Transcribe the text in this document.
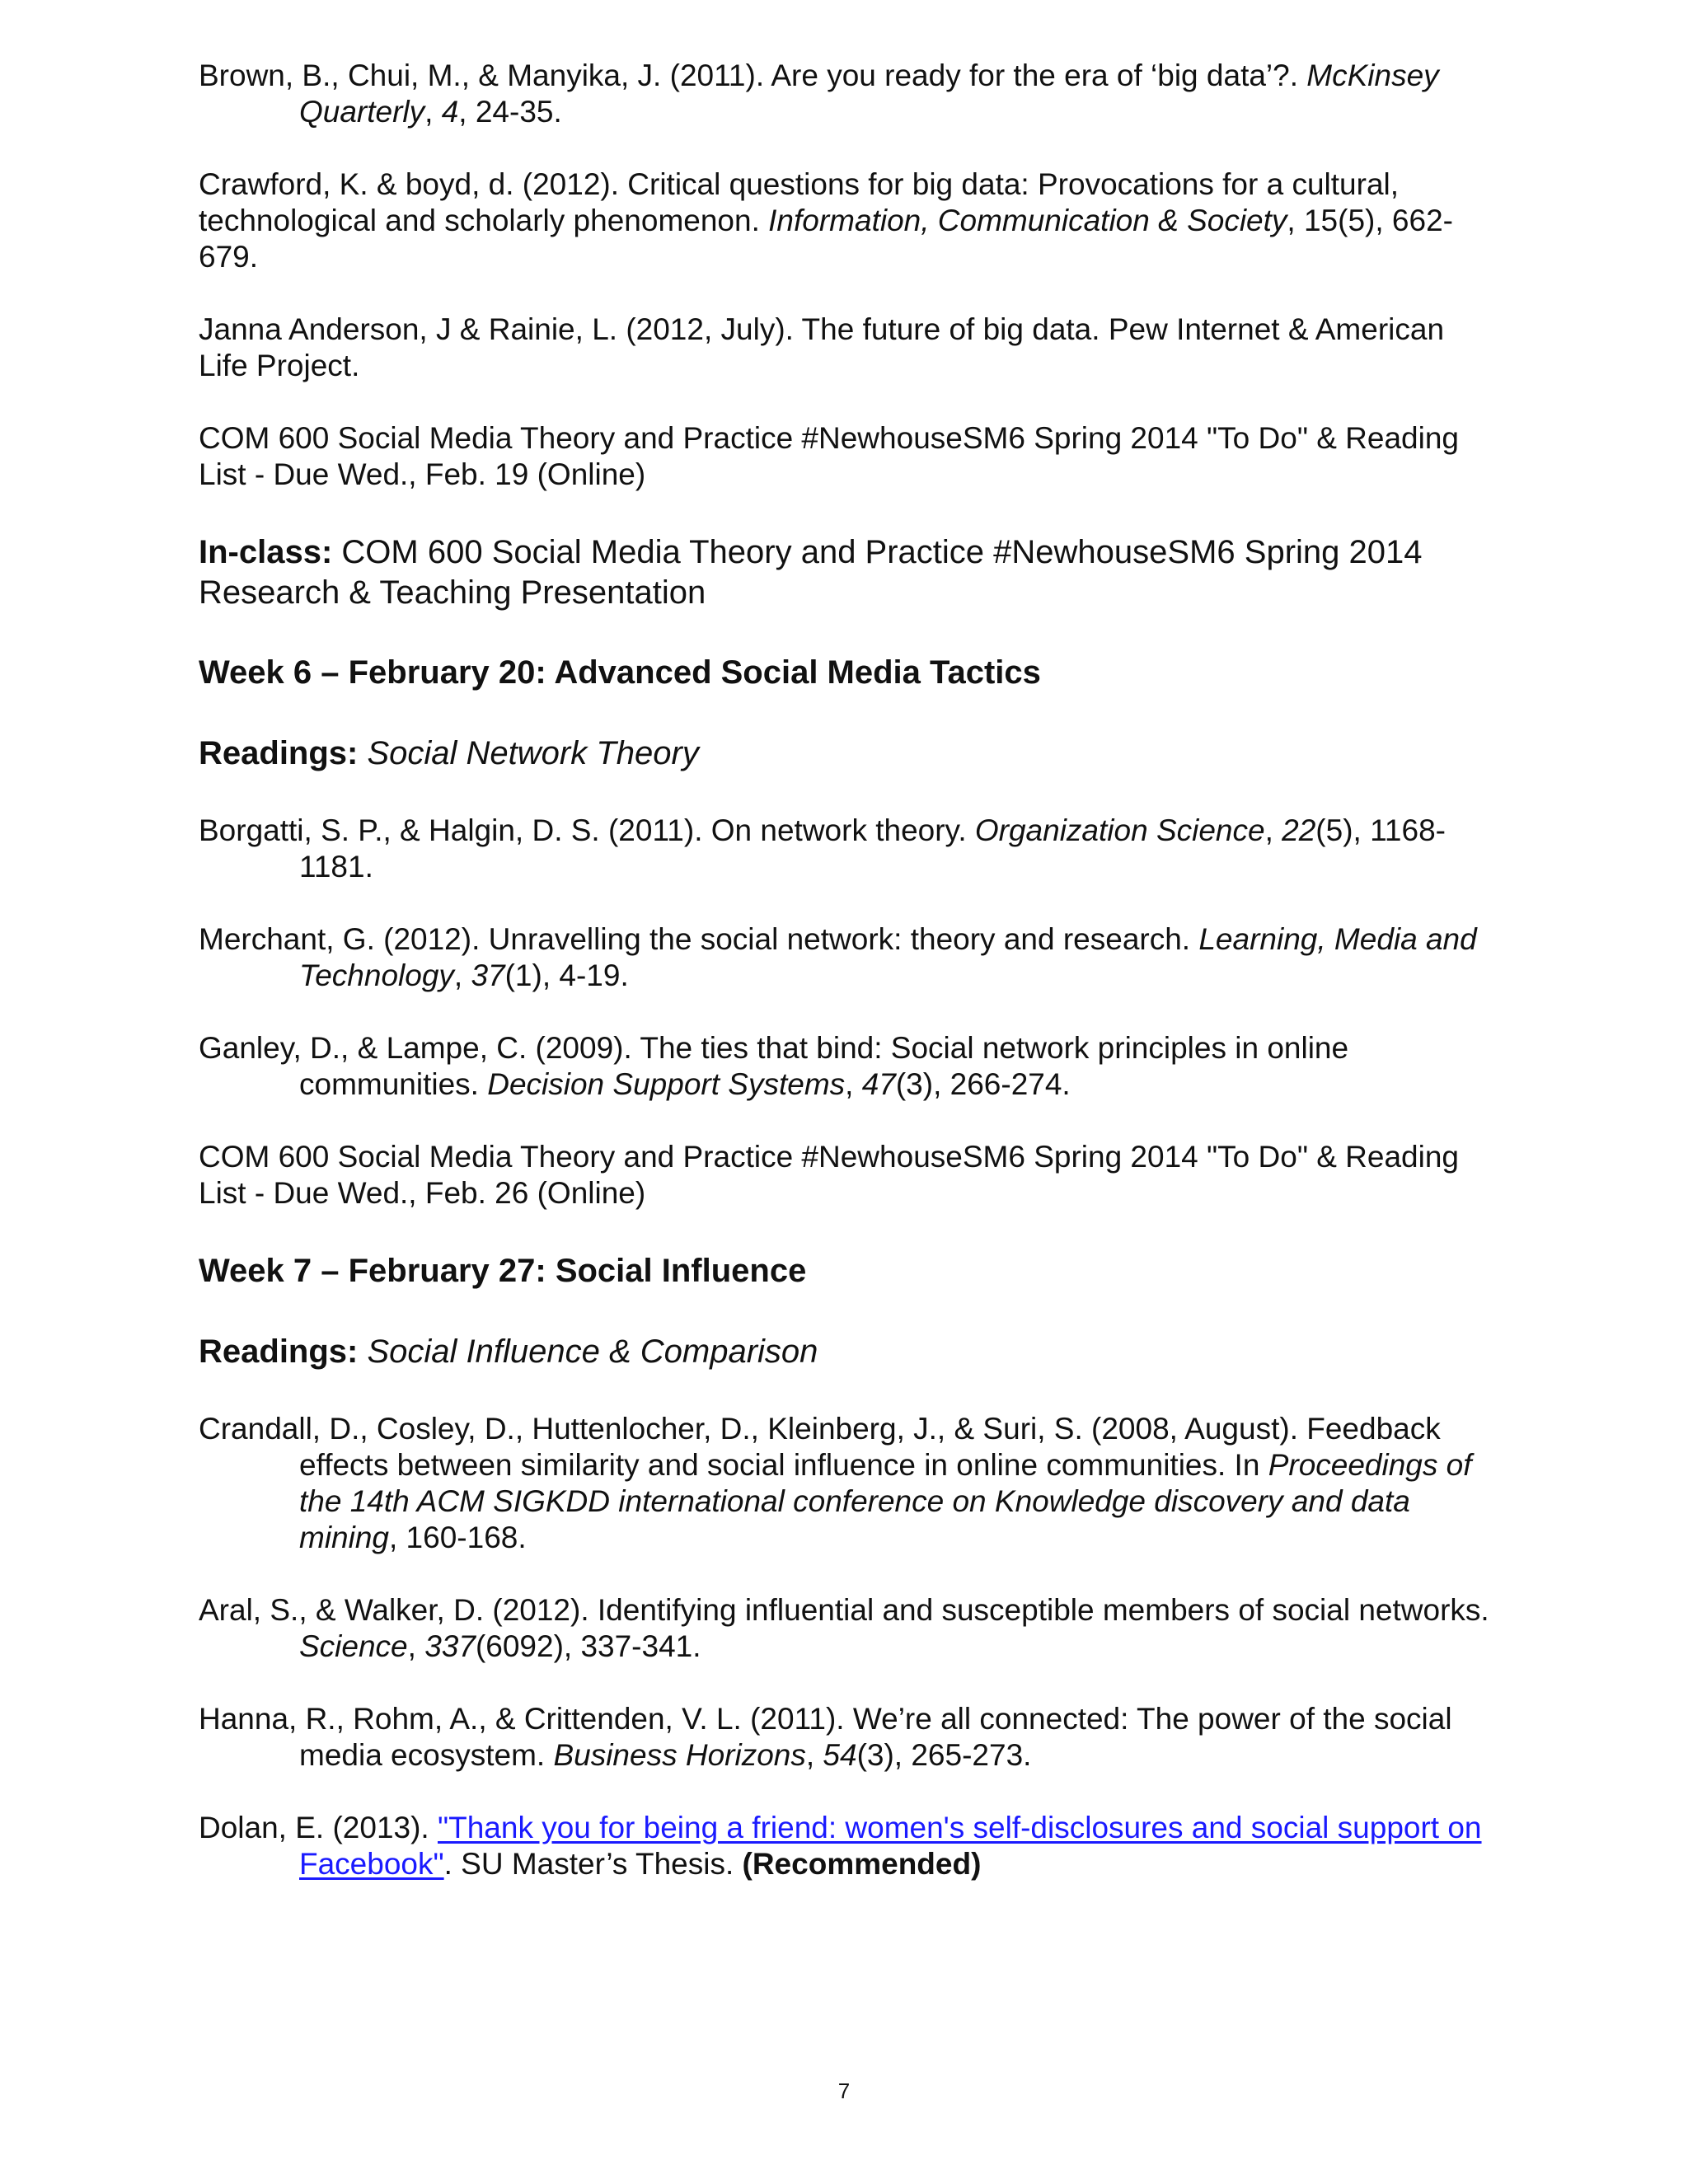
Brown, B., Chui, M., & Manyika, J. (2011). Are you ready for the era of ‘big data’?. McKinsey Quarterly, 4, 24-35.

Crawford, K. & boyd, d. (2012). Critical questions for big data: Provocations for a cultural, technological and scholarly phenomenon. Information, Communication & Society, 15(5), 662-679.

Janna Anderson, J & Rainie, L. (2012, July). The future of big data. Pew Internet & American Life Project.

COM 600 Social Media Theory and Practice #NewhouseSM6 Spring 2014 "To Do" & Reading List - Due Wed., Feb. 19 (Online)

In-class: COM 600 Social Media Theory and Practice #NewhouseSM6 Spring 2014 Research & Teaching Presentation

Week 6 – February 20: Advanced Social Media Tactics

Readings: Social Network Theory

Borgatti, S. P., & Halgin, D. S. (2011). On network theory. Organization Science, 22(5), 1168-1181.

Merchant, G. (2012). Unravelling the social network: theory and research. Learning, Media and Technology, 37(1), 4-19.

Ganley, D., & Lampe, C. (2009). The ties that bind: Social network principles in online communities. Decision Support Systems, 47(3), 266-274.

COM 600 Social Media Theory and Practice #NewhouseSM6 Spring 2014 "To Do" & Reading List - Due Wed., Feb. 26 (Online)

Week 7 – February 27: Social Influence

Readings: Social Influence & Comparison

Crandall, D., Cosley, D., Huttenlocher, D., Kleinberg, J., & Suri, S. (2008, August). Feedback effects between similarity and social influence in online communities. In Proceedings of the 14th ACM SIGKDD international conference on Knowledge discovery and data mining, 160-168.

Aral, S., & Walker, D. (2012). Identifying influential and susceptible members of social networks. Science, 337(6092), 337-341.

Hanna, R., Rohm, A., & Crittenden, V. L. (2011). We’re all connected: The power of the social media ecosystem. Business Horizons, 54(3), 265-273.

Dolan, E. (2013). "Thank you for being a friend: women's self-disclosures and social support on Facebook". SU Master’s Thesis. (Recommended)

7
